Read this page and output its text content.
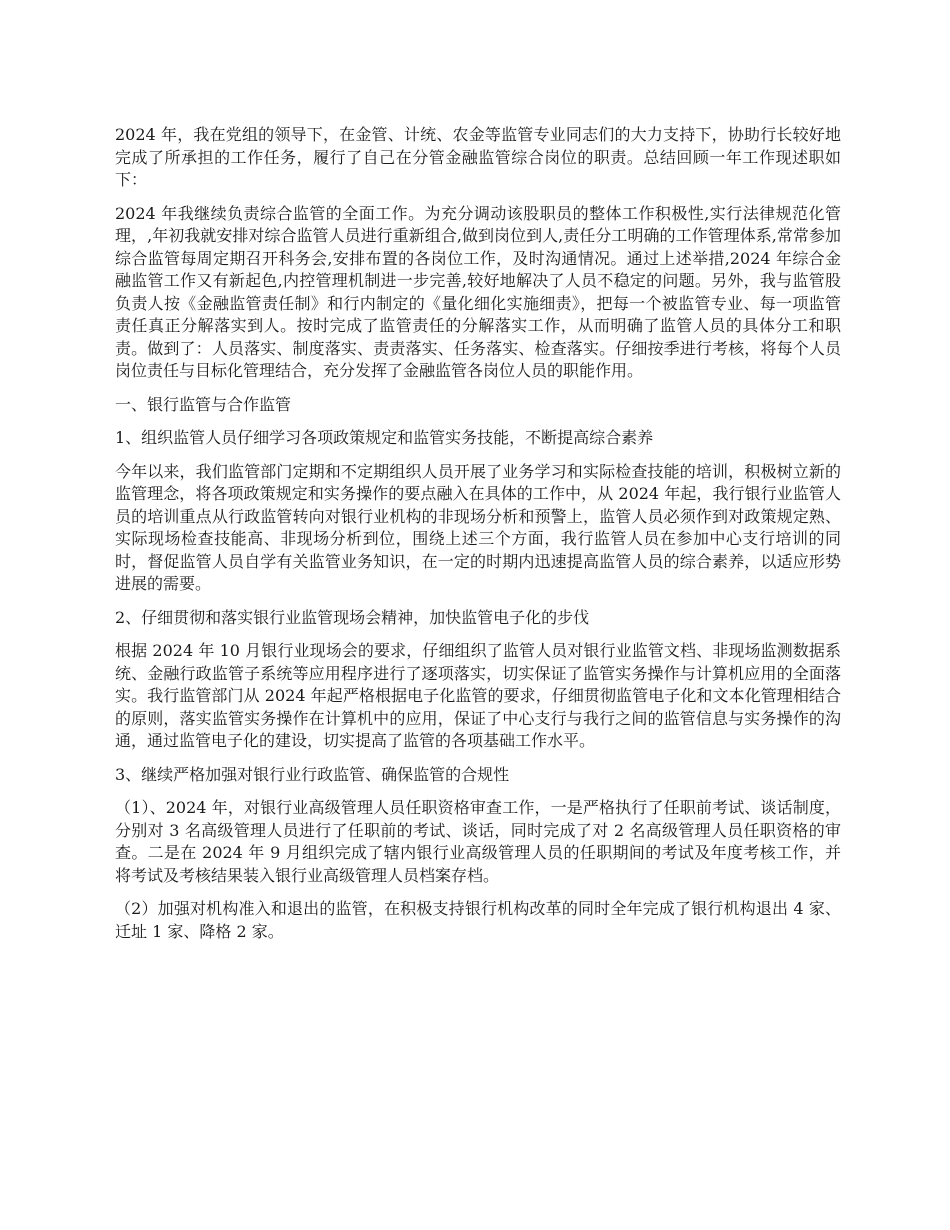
2024 年，我在党组的领导下，在金管、计统、农金等监管专业同志们的大力支持下，协助行长较好地完成了所承担的工作任务，履行了自己在分管金融监管综合岗位的职责。总结回顾一年工作现述职如下：

2024 年我继续负责综合监管的全面工作。为充分调动该股职员的整体工作积极性,实行法律规范化管理，,年初我就安排对综合监管人员进行重新组合,做到岗位到人,责任分工明确的工作管理体系,常常参加综合监管每周定期召开科务会,安排布置的各岗位工作，及时沟通情况。通过上述举措,2024 年综合金融监管工作又有新起色,内控管理机制进一步完善,较好地解决了人员不稳定的问题。另外，我与监管股负责人按《金融监管责任制》和行内制定的《量化细化实施细责》，把每一个被监管专业、每一项监管责任真正分解落实到人。按时完成了监管责任的分解落实工作，从而明确了监管人员的具体分工和职责。做到了：人员落实、制度落实、责责落实、任务落实、检查落实。仔细按季进行考核，将每个人员岗位责任与目标化管理结合，充分发挥了金融监管各岗位人员的职能作用。

一、银行监管与合作监管

1、组织监管人员仔细学习各项政策规定和监管实务技能，不断提高综合素养

今年以来，我们监管部门定期和不定期组织人员开展了业务学习和实际检查技能的培训，积极树立新的监管理念，将各项政策规定和实务操作的要点融入在具体的工作中，从 2024 年起，我行银行业监管人员的培训重点从行政监管转向对银行业机构的非现场分析和预警上，监管人员必须作到对政策规定熟、实际现场检查技能高、非现场分析到位，围绕上述三个方面，我行监管人员在参加中心支行培训的同时，督促监管人员自学有关监管业务知识，在一定的时期内迅速提高监管人员的综合素养，以适应形势进展的需要。

2、仔细贯彻和落实银行业监管现场会精神，加快监管电子化的步伐

根据 2024 年 10 月银行业现场会的要求，仔细组织了监管人员对银行业监管文档、非现场监测数据系统、金融行政监管子系统等应用程序进行了逐项落实，切实保证了监管实务操作与计算机应用的全面落实。我行监管部门从 2024 年起严格根据电子化监管的要求，仔细贯彻监管电子化和文本化管理相结合的原则，落实监管实务操作在计算机中的应用，保证了中心支行与我行之间的监管信息与实务操作的沟通，通过监管电子化的建设，切实提高了监管的各项基础工作水平。

3、继续严格加强对银行业行政监管、确保监管的合规性

（1）、2024 年，对银行业高级管理人员任职资格审查工作，一是严格执行了任职前考试、谈话制度，分别对 3 名高级管理人员进行了任职前的考试、谈话，同时完成了对 2 名高级管理人员任职资格的审查。二是在 2024 年 9 月组织完成了辖内银行业高级管理人员的任职期间的考试及年度考核工作，并将考试及考核结果装入银行业高级管理人员档案存档。

（2）加强对机构准入和退出的监管，在积极支持银行机构改革的同时全年完成了银行机构退出 4 家、迁址 1 家、降格 2 家。
